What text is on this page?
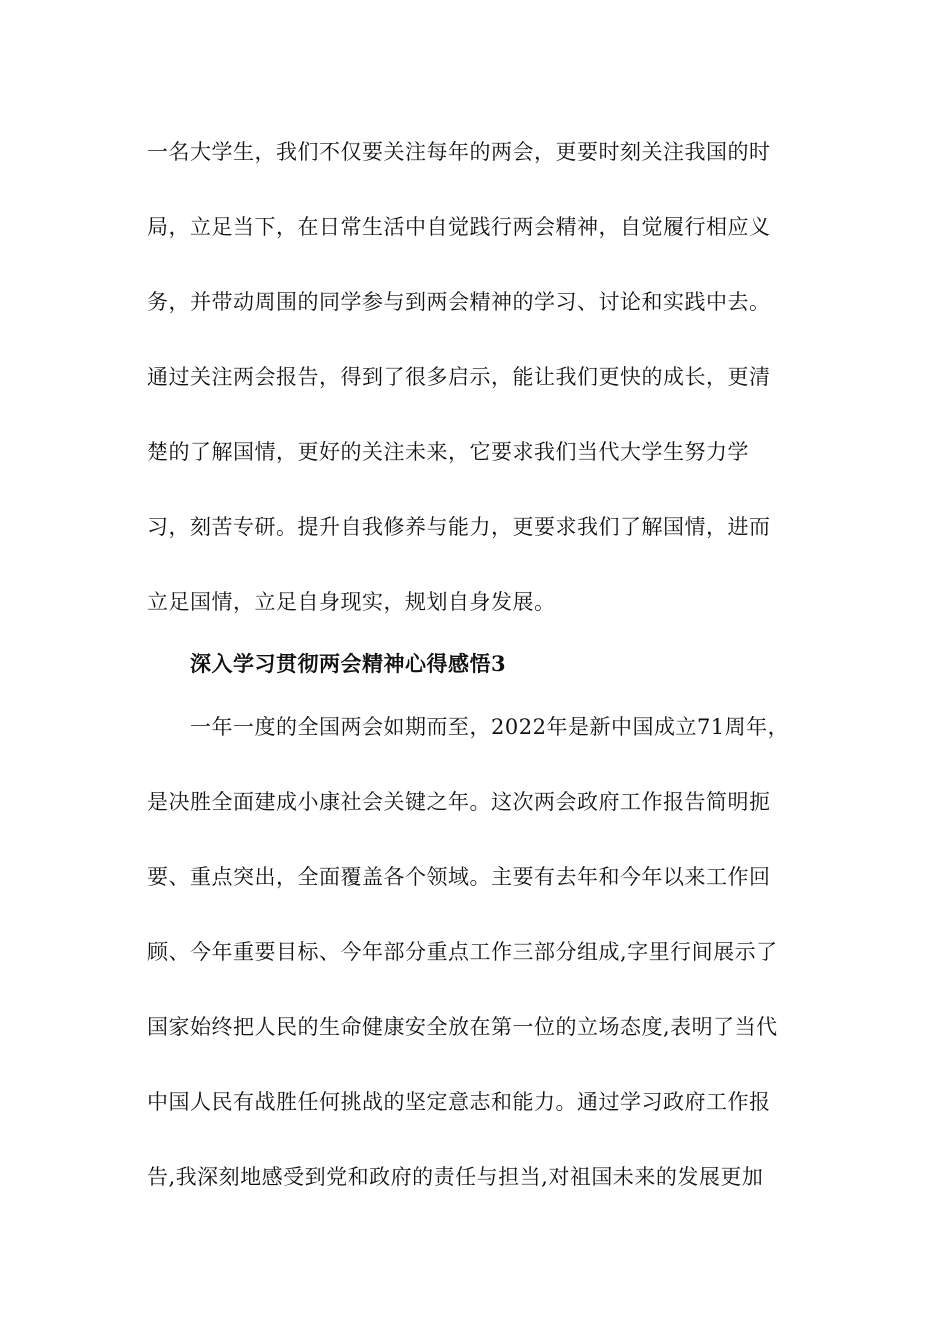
一名大学生，我们不仅要关注每年的两会，更要时刻关注我国的时
局，立足当下，在日常生活中自觉践行两会精神，自觉履行相应义
务，并带动周围的同学参与到两会精神的学习、讨论和实践中去。
通过关注两会报告，得到了很多启示，能让我们更快的成长，更清
楚的了解国情，更好的关注未来，它要求我们当代大学生努力学
习，刻苦专研。提升自我修养与能力，更要求我们了解国情，进而
立足国情，立足自身现实，规划自身发展。
深入学习贯彻两会精神心得感悟3
一年一度的全国两会如期而至，2022年是新中国成立71周年，
是决胜全面建成小康社会关键之年。这次两会政府工作报告简明扼
要、重点突出，全面覆盖各个领域。主要有去年和今年以来工作回
顾、今年重要目标、今年部分重点工作三部分组成,字里行间展示了
国家始终把人民的生命健康安全放在第一位的立场态度,表明了当代
中国人民有战胜任何挑战的坚定意志和能力。通过学习政府工作报
告,我深刻地感受到党和政府的责任与担当,对祖国未来的发展更加
